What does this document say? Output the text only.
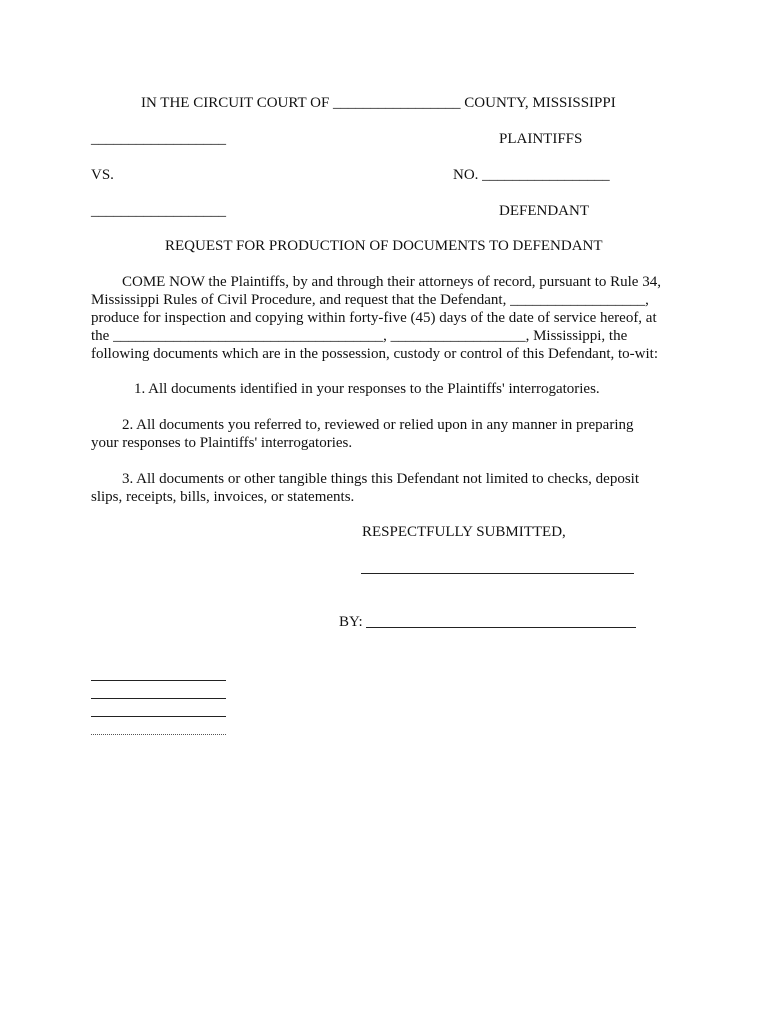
IN THE CIRCUIT COURT OF _________________ COUNTY, MISSISSIPPI
__________________	PLAINTIFFS
VS.	NO. _________________
__________________	DEFENDANT
REQUEST FOR PRODUCTION OF DOCUMENTS TO DEFENDANT
COME NOW the Plaintiffs, by and through their attorneys of record, pursuant to Rule 34,
Mississippi Rules of Civil Procedure, and request that the Defendant, __________________,
produce for inspection and copying within forty-five (45) days of the date of service hereof, at
the ____________________________________, __________________, Mississippi, the
following documents which are in the possession, custody or control of this Defendant, to-wit:
1. All documents identified in your responses to the Plaintiffs' interrogatories.
2. All documents you referred to, reviewed or relied upon in any manner in preparing
your responses to Plaintiffs' interrogatories.
3. All documents or other tangible things this Defendant not limited to checks, deposit
slips, receipts, bills, invoices, or statements.
RESPECTFULLY SUBMITTED,
BY:
